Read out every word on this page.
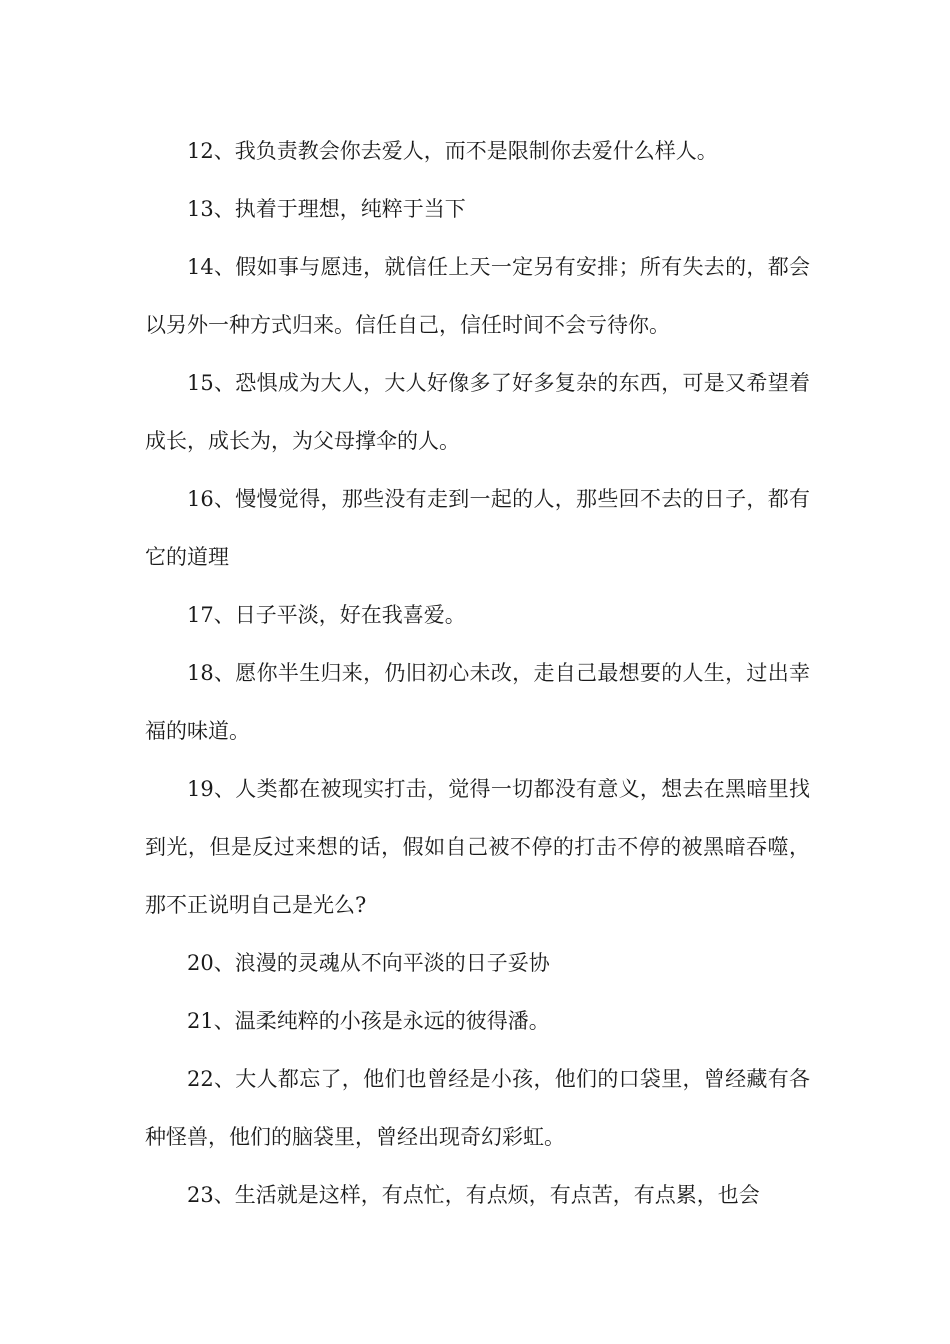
12、我负责教会你去爱人，而不是限制你去爱什么样人。

13、执着于理想，纯粹于当下

14、假如事与愿违，就信任上天一定另有安排；所有失去的，都会以另外一种方式归来。信任自己，信任时间不会亏待你。

15、恐惧成为大人，大人好像多了好多复杂的东西，可是又希望着成长，成长为，为父母撑伞的人。

16、慢慢觉得，那些没有走到一起的人，那些回不去的日子，都有它的道理

17、日子平淡，好在我喜爱。

18、愿你半生归来，仍旧初心未改，走自己最想要的人生，过出幸福的味道。

19、人类都在被现实打击，觉得一切都没有意义，想去在黑暗里找到光，但是反过来想的话，假如自己被不停的打击不停的被黑暗吞噬，那不正说明自己是光么?

20、浪漫的灵魂从不向平淡的日子妥协

21、温柔纯粹的小孩是永远的彼得潘。

22、大人都忘了，他们也曾经是小孩，他们的口袋里，曾经藏有各种怪兽，他们的脑袋里，曾经出现奇幻彩虹。

23、生活就是这样，有点忙，有点烦，有点苦，有点累，也会
